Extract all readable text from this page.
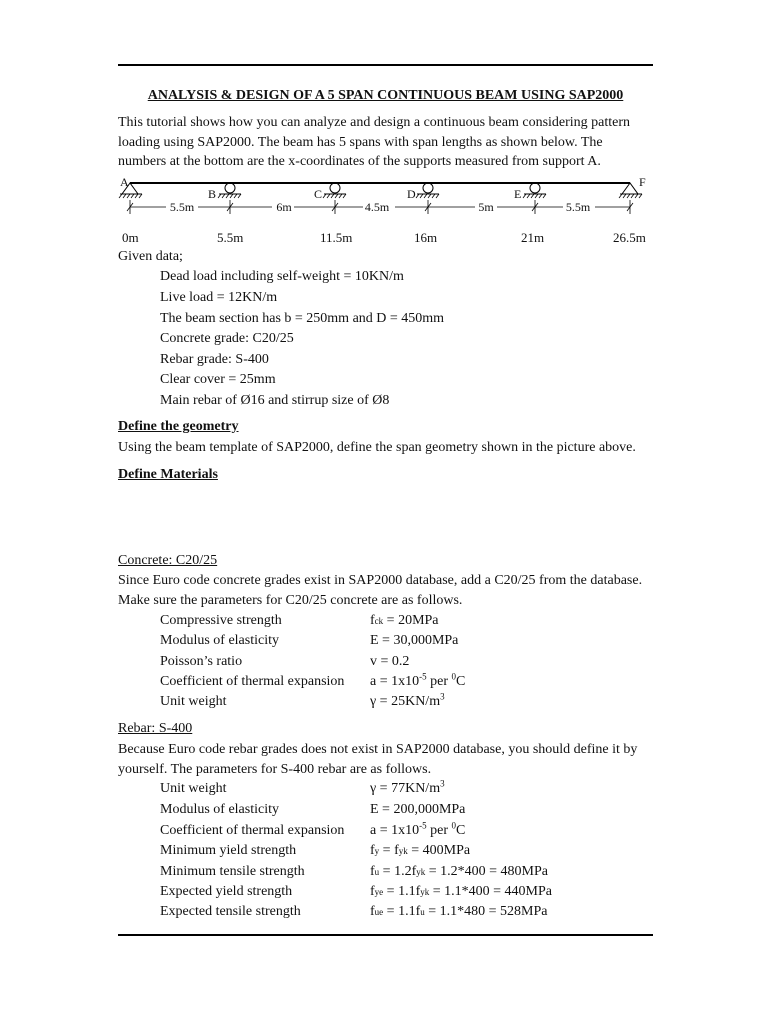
ANALYSIS & DESIGN OF A 5 SPAN CONTINUOUS BEAM USING SAP2000
This tutorial shows how you can analyze and design a continuous beam considering pattern loading using SAP2000. The beam has 5 spans with span lengths as shown below. The numbers at the bottom are the x-coordinates of the supports measured from support A.
A
B	C	D	E
F
5.5m	6m	4.5m	5m	5.5m
0m	5.5m	11.5m	16m	21m	26.5m
Given data;
Dead load including self-weight = 10KN/m
Live load = 12KN/m
The beam section has b = 250mm and D = 450mm
Concrete grade: C20/25
Rebar grade: S-400
Clear cover = 25mm
Main rebar of Ø16 and stirrup size of Ø8
Define the geometry
Using the beam template of SAP2000, define the span geometry shown in the picture above.
Define Materials
Concrete: C20/25
Since Euro code concrete grades exist in SAP2000 database, add a C20/25 from the database. Make sure the parameters for C20/25 concrete are as follows.
Compressive strength	fck = 20MPa
Modulus of elasticity	E = 30,000MPa
Poisson’s ratio	v = 0.2
Coefficient of thermal expansion $a = 1x10^{-5}$ per $^0$C
Unit weight	$\gamma = 25KN/m^3$
Rebar: S-400
Because Euro code rebar grades does not exist in SAP2000 database, you should define it by yourself. The parameters for S-400 rebar are as follows.
Unit weight	$\gamma = 77KN/m^3$
Modulus of elasticity	E = 200,000MPa
Coefficient of thermal expansion $a = 1x10^{-5}$ per $^0$C
Minimum yield strength	fy = fyk = 400MPa
Minimum tensile strength	fu = 1.2fyk = 1.2*400 = 480MPa
Expected yield strength	fye = 1.1fyk = 1.1*400 = 440MPa
Expected tensile strength	fue = 1.1fu = 1.1*480 = 528MPa
